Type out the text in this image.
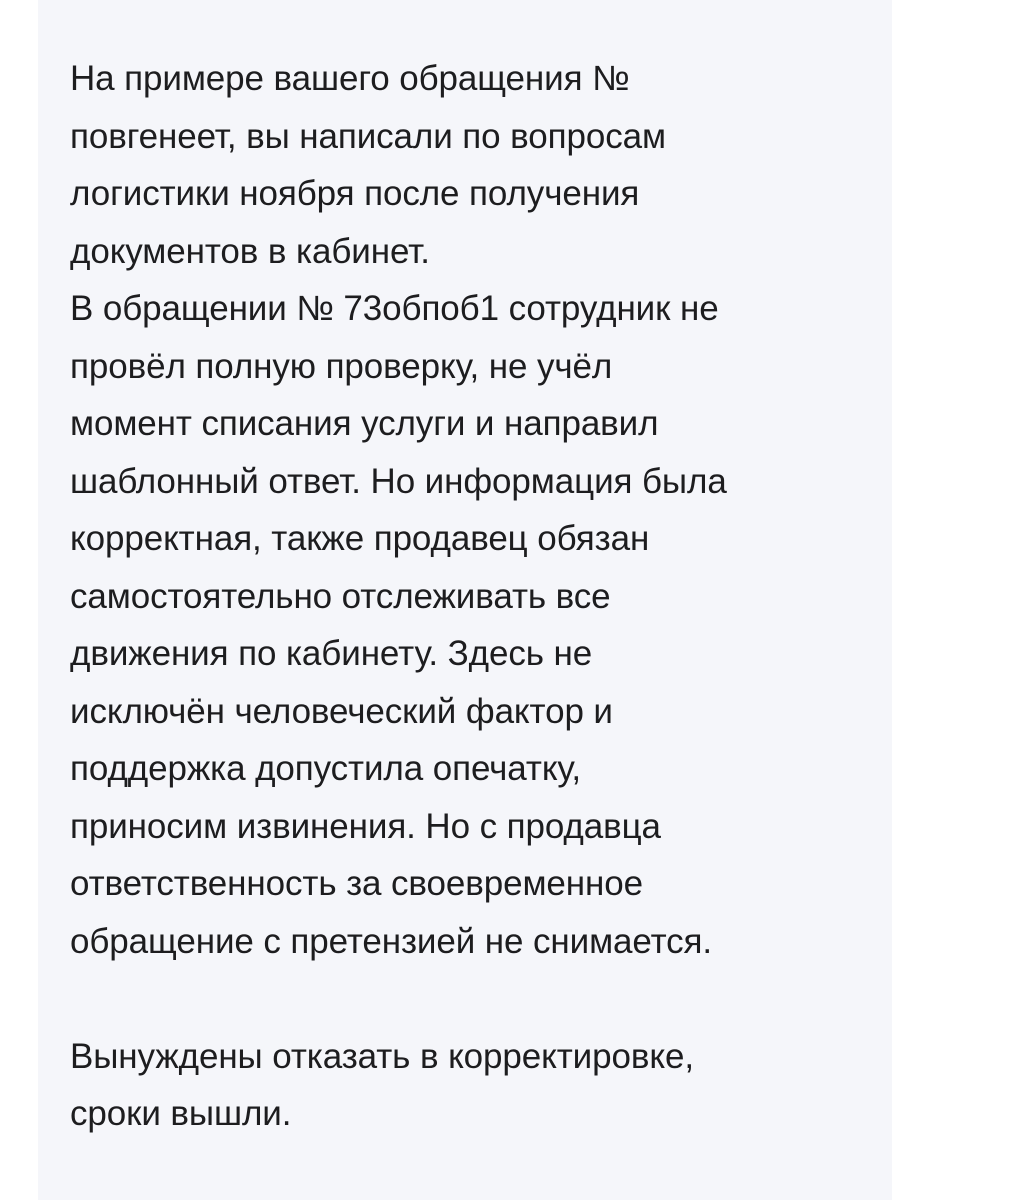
На примере вашего обращения №
повгенеет, вы написали по вопросам
логистики ноября после получения
документов в кабинет.
В обращении № 73обпоб1 сотрудник не
провёл полную проверку, не учёл
момент списания услуги и направил
шаблонный ответ. Но информация была
корректная, также продавец обязан
самостоятельно отслеживать все
движения по кабинету. Здесь не
исключён человеческий фактор и
поддержка допустила опечатку,
приносим извинения. Но с продавца
ответственность за своевременное
обращение с претензией не снимается.
Вынуждены отказать в корректировке,
сроки вышли.
